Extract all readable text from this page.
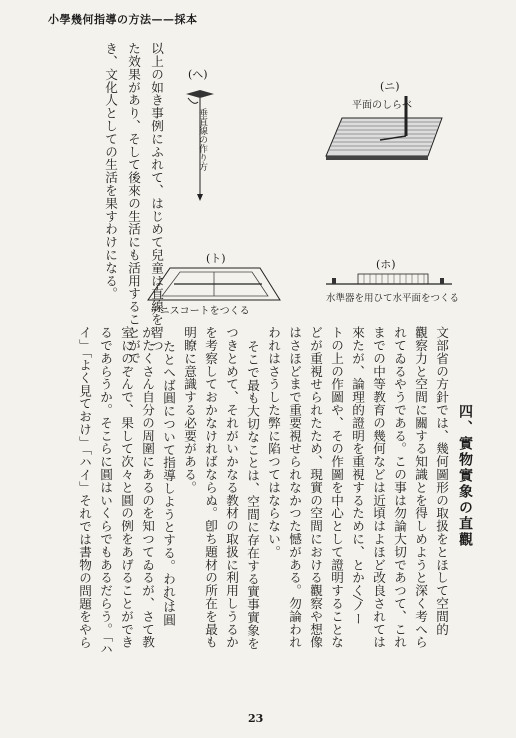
小學幾何指導の方法——採本
以上の如き事例にふれて、はじめて兒童は直線を習つ
た效果があり、そして後來の生活にも活用することがで
き、文化人としての生活を果すわけになる。	(ヘ)
垂直線の作り方
(ニ)
平面のしらべ
(ト)
テニスコートをつくる
(ホ)
水準器を用ひて水平面をつくる
四、實物實象の直觀
文部省の方針では、幾何圖形の取扱をとほして空間的
觀察力と空間に關する知識とを得しめようと深く考へら
れてゐるやうである。この事は勿論大切であつて、これ
までの中等教育の幾何などは近頃はよほど改良されては
來たが、論理的證明を重視するために、とかく⁄ノー
トの上の作圖や、その作圖を中心として證明することな
どが重視せられたため、現實の空間における觀察や想像
はさほどまで重要視せられなかつた憾がある。勿論われ
われはさうした弊に陷つてはならない。
そこで最も大切なことは、空間に存在する實事實象を
つきとめて、それがいかなる教材の取扱に利用しうるか
を考察しておかなければならぬ。卽ち題材の所在を最も
明瞭に意識する必要がある。
たとへば圓について指導しようとする。われ⁄は圓
がたくさん自分の周圍にあるのを知つてゐるが、さて教
室にのぞんで、果して次々と圓の例をあげることができ
るであらうか。そこらに圓はいくらでもあるだらう。「ハ
イ」「よく見ておけ」「ハイ」それでは書物の問題をやら
23
